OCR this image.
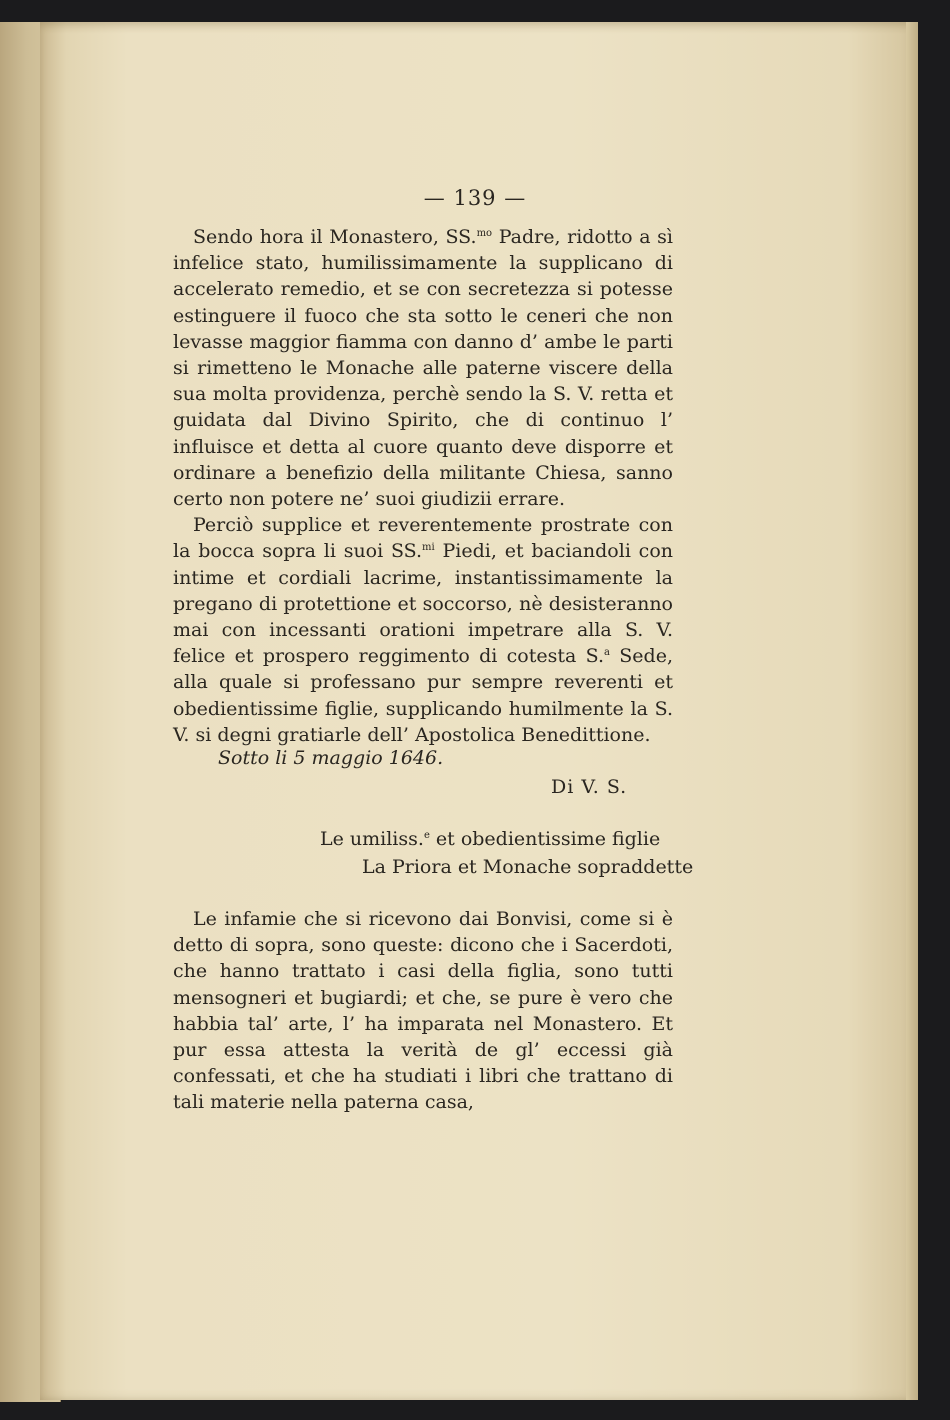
— 139 —

Sendo hora il Monastero, SS.$^{mo}$ Padre, ridotto a sì infelice stato, humilissimamente la supplicano di accelerato remedio, et se con secretezza si potesse estinguere il fuoco che sta sotto le ceneri che non levasse maggior fiamma con danno d’ ambe le parti si rimetteno le Monache alle paterne viscere della sua molta providenza, perchè sendo la S. V. retta et guidata dal Divino Spirito, che di continuo l’ influisce et detta al cuore quanto deve disporre et ordinare a benefizio della militante Chiesa, sanno certo non potere ne’ suoi giudizii errare.

Perciò supplice et reverentemente prostrate con la bocca sopra li suoi SS.$^{mi}$ Piedi, et baciandoli con intime et cordiali lacrime, instantissimamente la pregano di protettione et soccorso, nè desisteranno mai con incessanti orationi impetrare alla S. V. felice et prospero reggimento di cotesta S.$^a$ Sede, alla quale si professano pur sempre reverenti et obedientissime figlie, supplicando humilmente la S. V. si degni gratiarle dell’ Apostolica Benedittione.

Sotto li 5 maggio 1646.
Di V. S.
Le umiliss.$^e$ et obedientissime figlie
La Priora et Monache sopraddette

Le infamie che si ricevono dai Bonvisi, come si è detto di sopra, sono queste: dicono che i Sacerdoti, che hanno trattato i casi della figlia, sono tutti mensogneri et bugiardi; et che, se pure è vero che habbia tal’ arte, l’ ha imparata nel Monastero. Et pur essa attesta la verità de gl’ eccessi già confessati, et che ha studiati i libri che trattano di tali materie nella paterna casa,
